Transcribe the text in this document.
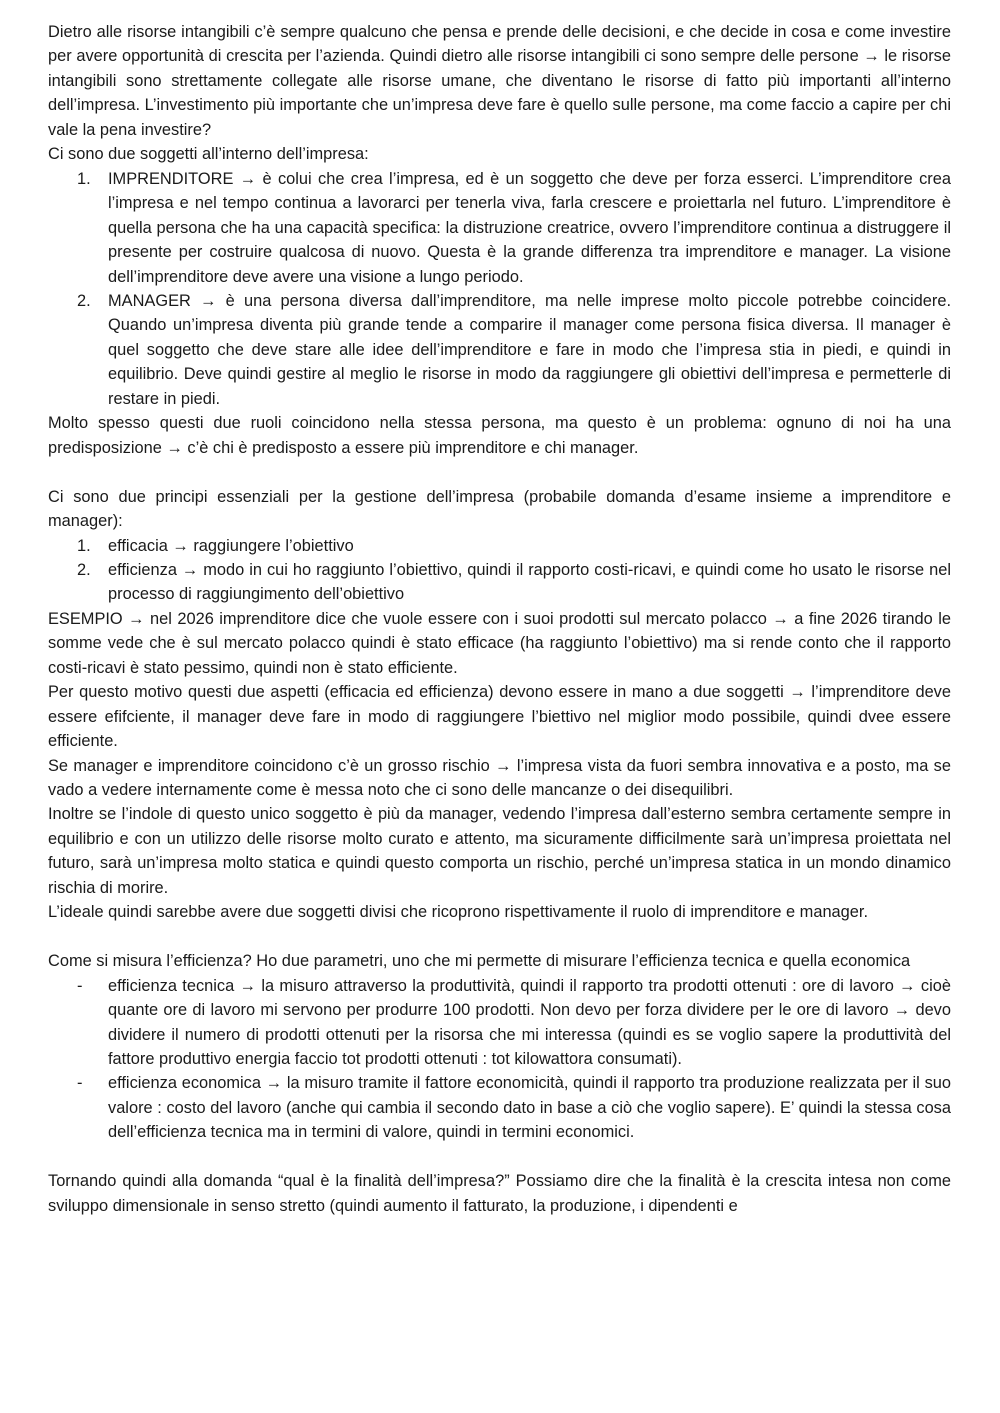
Dietro alle risorse intangibili c’è sempre qualcuno che pensa e prende delle decisioni, e che decide in cosa e come investire per avere opportunità di crescita per l’azienda. Quindi dietro alle risorse intangibili ci sono sempre delle persone → le risorse intangibili sono strettamente collegate alle risorse umane, che diventano le risorse di fatto più importanti all’interno dell’impresa. L’investimento più importante che un’impresa deve fare è quello sulle persone, ma come faccio a capire per chi vale la pena investire?

Ci sono due soggetti all’interno dell’impresa:

1. IMPRENDITORE → è colui che crea l’impresa, ed è un soggetto che deve per forza esserci. L’imprenditore crea l’impresa e nel tempo continua a lavorarci per tenerla viva, farla crescere e proiettarla nel futuro. L’imprenditore è quella persona che ha una capacità specifica: la distruzione creatrice, ovvero l’imprenditore continua a distruggere il presente per costruire qualcosa di nuovo. Questa è la grande differenza tra imprenditore e manager. La visione dell’imprenditore deve avere una visione a lungo periodo.
2. MANAGER → è una persona diversa dall’imprenditore, ma nelle imprese molto piccole potrebbe coincidere. Quando un’impresa diventa più grande tende a comparire il manager come persona fisica diversa. Il manager è quel soggetto che deve stare alle idee dell’imprenditore e fare in modo che l’impresa stia in piedi, e quindi in equilibrio. Deve quindi gestire al meglio le risorse in modo da raggiungere gli obiettivi dell’impresa e permetterle di restare in piedi.

Molto spesso questi due ruoli coincidono nella stessa persona, ma questo è un problema: ognuno di noi ha una predisposizione → c’è chi è predisposto a essere più imprenditore e chi manager.

Ci sono due principi essenziali per la gestione dell’impresa (probabile domanda d’esame insieme a imprenditore e manager):

1. efficacia → raggiungere l’obiettivo
2. efficienza → modo in cui ho raggiunto l’obiettivo, quindi il rapporto costi-ricavi, e quindi come ho usato le risorse nel processo di raggiungimento dell’obiettivo

ESEMPIO → nel 2026 imprenditore dice che vuole essere con i suoi prodotti sul mercato polacco → a fine 2026 tirando le somme vede che è sul mercato polacco quindi è stato efficace (ha raggiunto l’obiettivo) ma si rende conto che il rapporto costi-ricavi è stato pessimo, quindi non è stato efficiente.

Per questo motivo questi due aspetti (efficacia ed efficienza) devono essere in mano a due soggetti → l’imprenditore deve essere efifciente, il manager deve fare in modo di raggiungere l’biettivo nel miglior modo possibile, quindi dvee essere efficiente.

Se manager e imprenditore coincidono c’è un grosso rischio → l’impresa vista da fuori sembra innovativa e a posto, ma se vado a vedere internamente come è messa noto che ci sono delle mancanze o dei disequilibri.

Inoltre se l’indole di questo unico soggetto è più da manager, vedendo l’impresa dall’esterno sembra certamente sempre in equilibrio e con un utilizzo delle risorse molto curato e attento, ma sicuramente difficilmente sarà un’impresa proiettata nel futuro, sarà un’impresa molto statica e quindi questo comporta un rischio, perché un’impresa statica in un mondo dinamico rischia di morire.

L’ideale quindi sarebbe avere due soggetti divisi che ricoprono rispettivamente il ruolo di imprenditore e manager.

Come si misura l’efficienza? Ho due parametri, uno che mi permette di misurare l’efficienza tecnica e quella economica

- efficienza tecnica → la misuro attraverso la produttività, quindi il rapporto tra prodotti ottenuti : ore di lavoro → cioè quante ore di lavoro mi servono per produrre 100 prodotti. Non devo per forza dividere per le ore di lavoro → devo dividere il numero di prodotti ottenuti per la risorsa che mi interessa (quindi es se voglio sapere la produttività del fattore produttivo energia faccio tot prodotti ottenuti : tot kilowattora consumati).
- efficienza economica → la misuro tramite il fattore economicità, quindi il rapporto tra produzione realizzata per il suo valore : costo del lavoro (anche qui cambia il secondo dato in base a ciò che voglio sapere). E’ quindi la stessa cosa dell’efficienza tecnica ma in termini di valore, quindi in termini economici.

Tornando quindi alla domanda “qual è la finalità dell’impresa?” Possiamo dire che la finalità è la crescita intesa non come sviluppo dimensionale in senso stretto (quindi aumento il fatturato, la produzione, i dipendenti e
